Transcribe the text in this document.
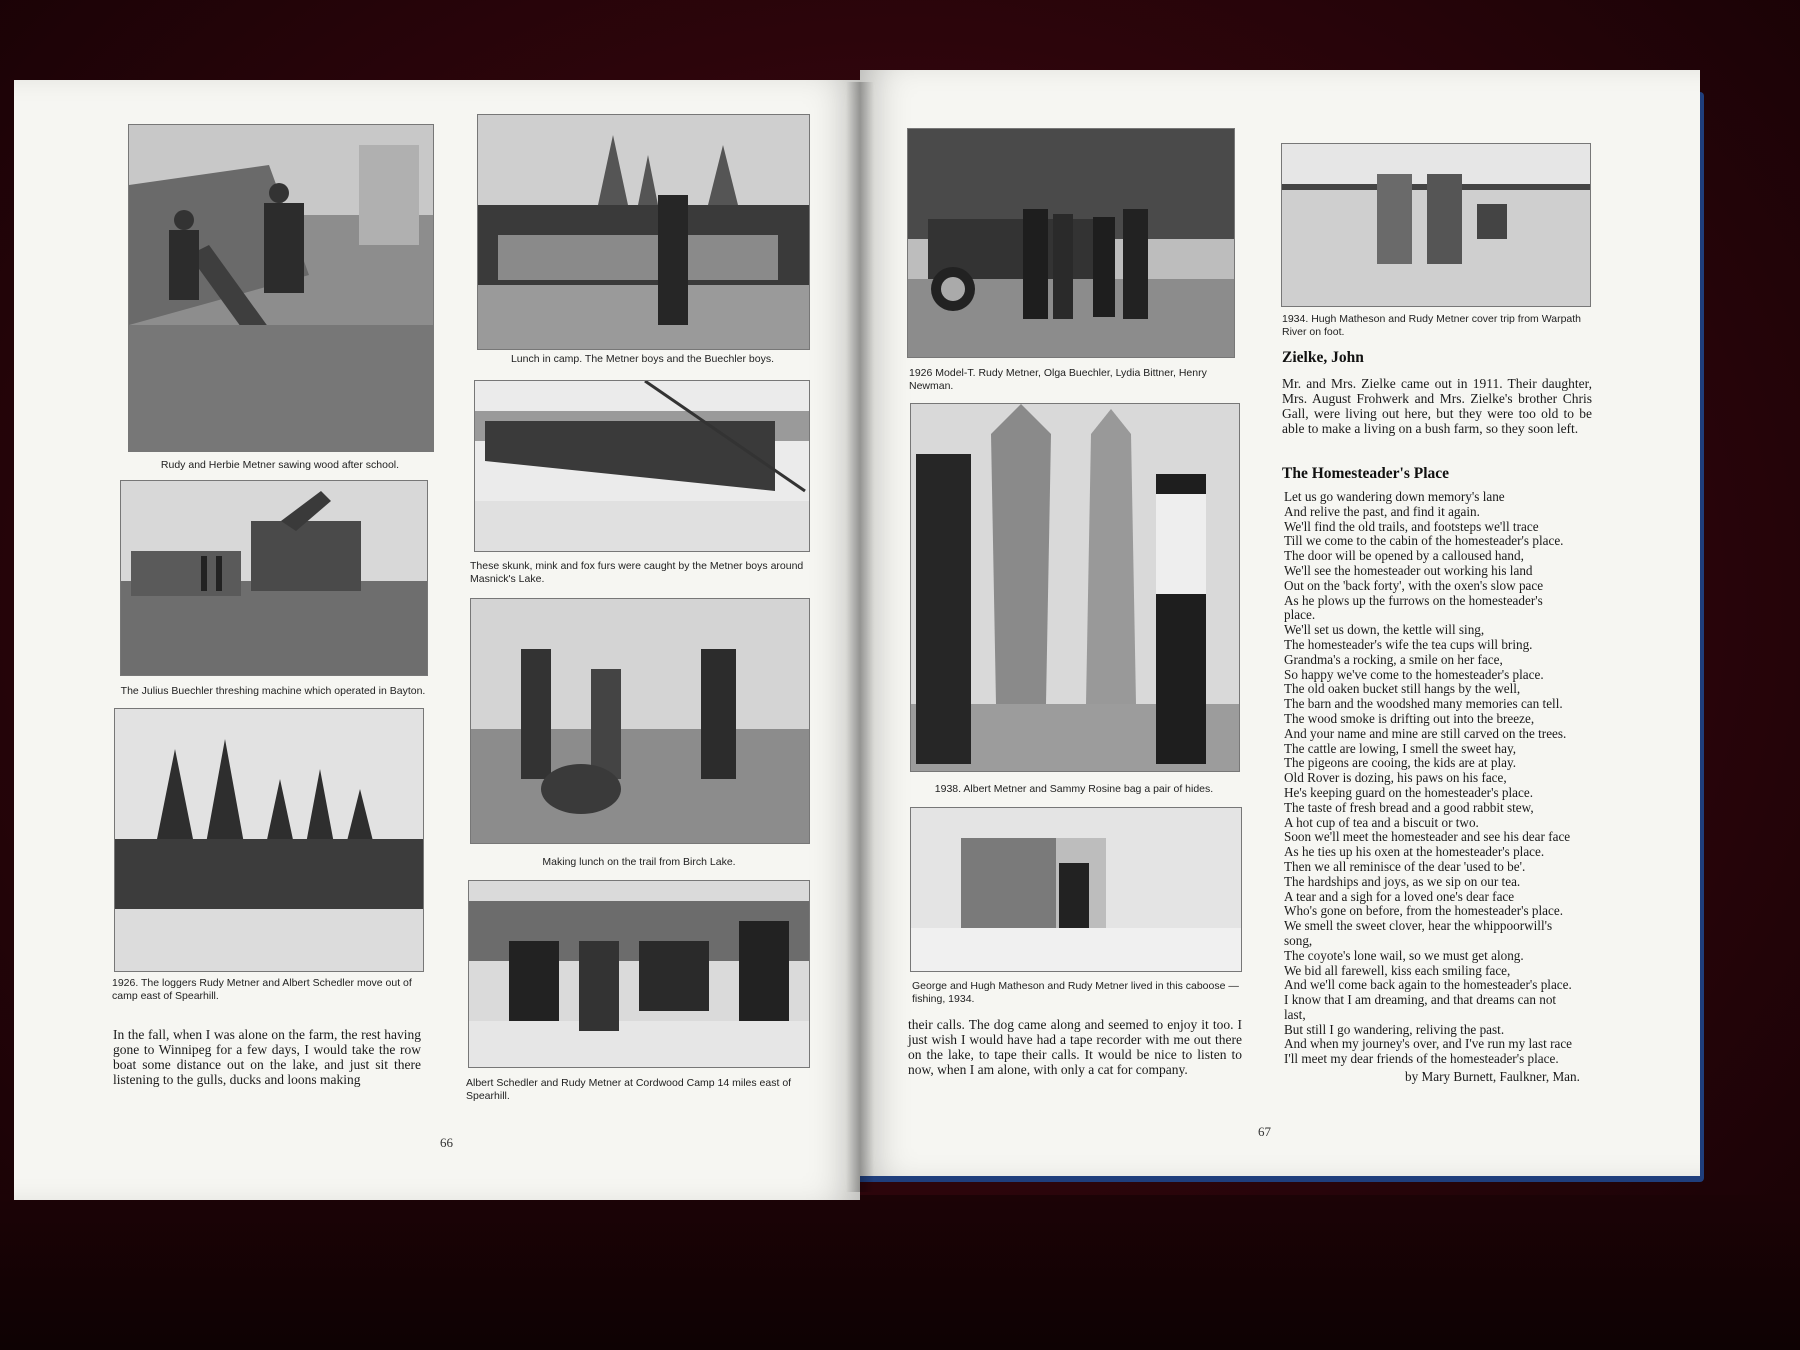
Rudy and Herbie Metner sawing wood after school.
The Julius Buechler threshing machine which operated in Bayton.
1926. The loggers Rudy Metner and Albert Schedler move out of camp east of Spearhill.
Lunch in camp. The Metner boys and the Buechler boys.
These skunk, mink and fox furs were caught by the Metner boys around Masnick's Lake.
Making lunch on the trail from Birch Lake.
Albert Schedler and Rudy Metner at Cordwood Camp 14 miles east of Spearhill.
In the fall, when I was alone on the farm, the rest having gone to Winnipeg for a few days, I would take the row boat some distance out on the lake, and just sit there listening to the gulls, ducks and loons making
66
1926 Model-T. Rudy Metner, Olga Buechler, Lydia Bittner, Henry Newman.
1938. Albert Metner and Sammy Rosine bag a pair of hides.
George and Hugh Matheson and Rudy Metner lived in this caboose — fishing, 1934.
their calls. The dog came along and seemed to enjoy it too. I just wish I would have had a tape recorder with me out there on the lake, to tape their calls. It would be nice to listen to now, when I am alone, with only a cat for company.
1934. Hugh Matheson and Rudy Metner cover trip from Warpath River on foot.
Zielke, John
Mr. and Mrs. Zielke came out in 1911. Their daughter, Mrs. August Frohwerk and Mrs. Zielke's brother Chris Gall, were living out here, but they were too old to be able to make a living on a bush farm, so they soon left.
The Homesteader's Place
Let us go wandering down memory's lane
And relive the past, and find it again.
We'll find the old trails, and footsteps we'll trace
Till we come to the cabin of the homesteader's place.
The door will be opened by a calloused hand,
We'll see the homesteader out working his land
Out on the 'back forty', with the oxen's slow pace
As he plows up the furrows on the homesteader's
place.
We'll set us down, the kettle will sing,
The homesteader's wife the tea cups will bring.
Grandma's a rocking, a smile on her face,
So happy we've come to the homesteader's place.
The old oaken bucket still hangs by the well,
The barn and the woodshed many memories can tell.
The wood smoke is drifting out into the breeze,
And your name and mine are still carved on the trees.
The cattle are lowing, I smell the sweet hay,
The pigeons are cooing, the kids are at play.
Old Rover is dozing, his paws on his face,
He's keeping guard on the homesteader's place.
The taste of fresh bread and a good rabbit stew,
A hot cup of tea and a biscuit or two.
Soon we'll meet the homesteader and see his dear face
As he ties up his oxen at the homesteader's place.
Then we all reminisce of the dear 'used to be'.
The hardships and joys, as we sip on our tea.
A tear and a sigh for a loved one's dear face
Who's gone on before, from the homesteader's place.
We smell the sweet clover, hear the whippoorwill's
song,
The coyote's lone wail, so we must get along.
We bid all farewell, kiss each smiling face,
And we'll come back again to the homesteader's place.
I know that I am dreaming, and that dreams can not
last,
But still I go wandering, reliving the past.
And when my journey's over, and I've run my last race
I'll meet my dear friends of the homesteader's place.
by Mary Burnett, Faulkner, Man.
67
